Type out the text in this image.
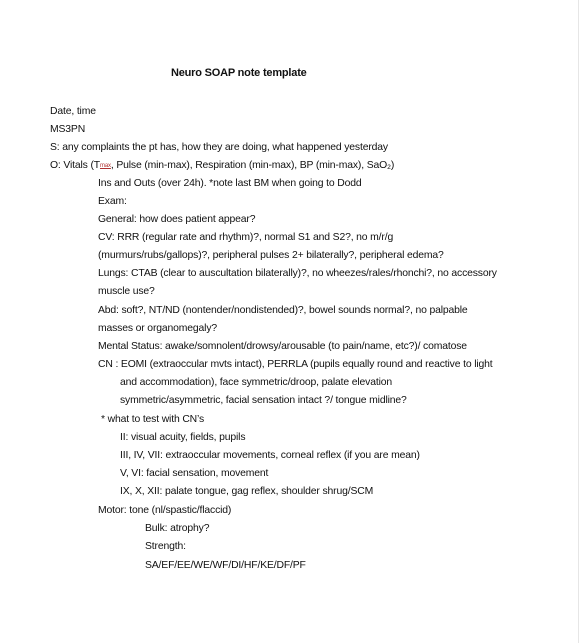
Neuro SOAP note template
Date, time
MS3PN
S: any complaints the pt has, how they are doing, what happened yesterday
O: Vitals (Tmax, Pulse (min-max), Respiration (min-max), BP (min-max), SaO₂)
Ins and Outs (over 24h). *note last BM when going to Dodd
Exam:
General: how does patient appear?
CV: RRR (regular rate and rhythm)?, normal S1 and S2?, no m/r/g
(murmurs/rubs/gallops)?, peripheral pulses 2+ bilaterally?, peripheral edema?
Lungs: CTAB (clear to auscultation bilaterally)?, no wheezes/rales/rhonchi?, no accessory
muscle use?
Abd: soft?, NT/ND (nontender/nondistended)?, bowel sounds normal?, no palpable
masses or organomegaly?
Mental Status: awake/somnolent/drowsy/arousable (to pain/name, etc?)/ comatose
CN : EOMI (extraoccular mvts intact), PERRLA (pupils equally round and reactive to light
and accommodation), face symmetric/droop, palate elevation
symmetric/asymmetric, facial sensation intact ?/ tongue midline?
* what to test with CN’s
II: visual acuity, fields, pupils
III, IV, VII: extraoccular movements, corneal reflex (if you are mean)
V, VI: facial sensation, movement
IX, X, XII: palate tongue, gag reflex, shoulder shrug/SCM
Motor: tone (nl/spastic/flaccid)
Bulk: atrophy?
Strength:
SA/EF/EE/WE/WF/DI/HF/KE/DF/PF
